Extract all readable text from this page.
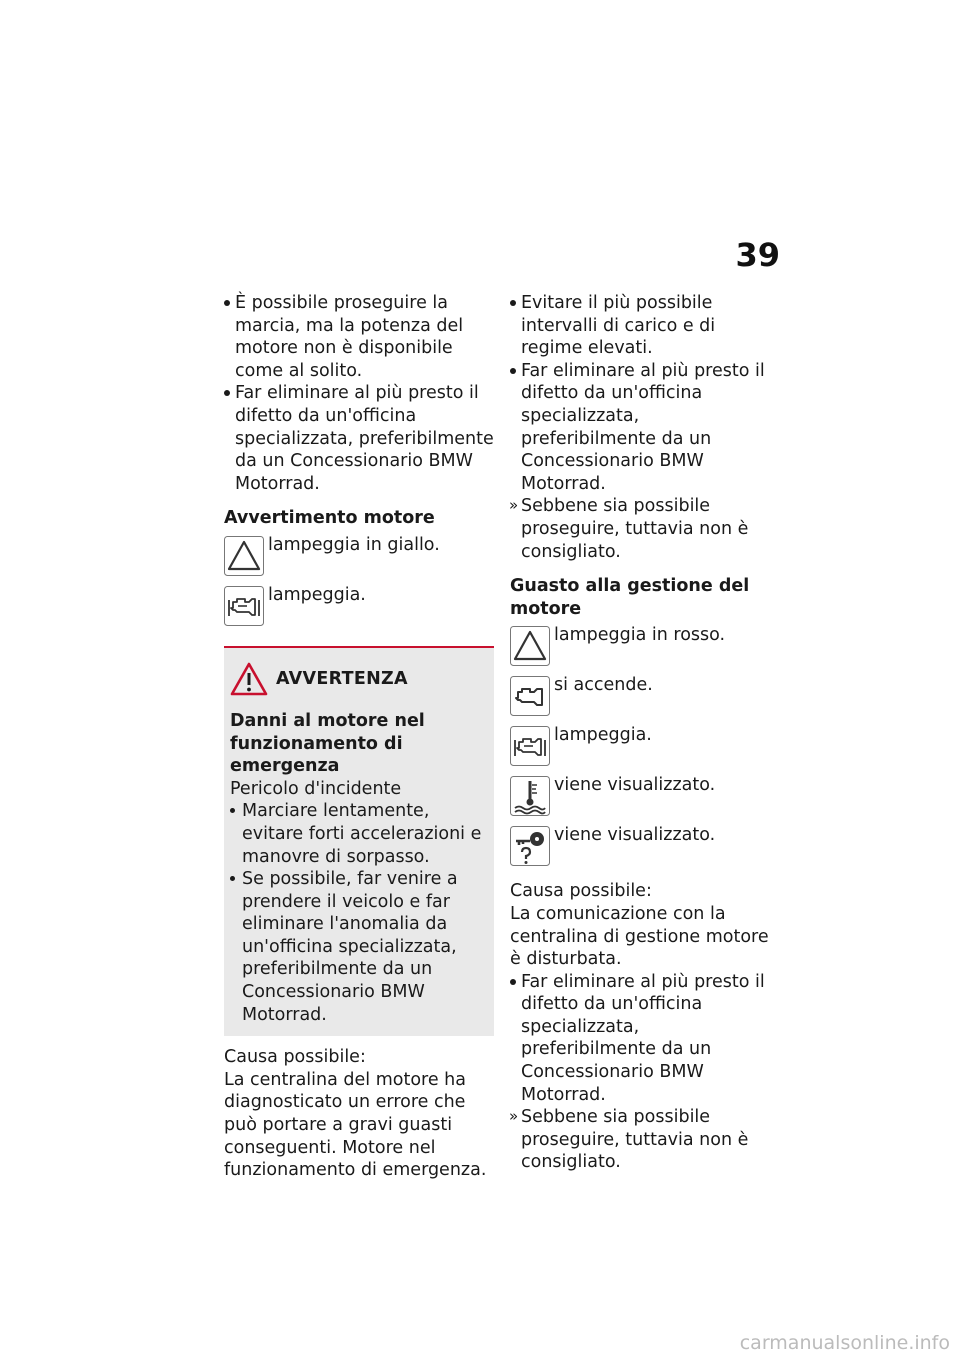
39

È possibile proseguire la marcia, ma la potenza del motore non è disponibile come al solito.

Far eliminare al più presto il difetto da un'officina specializzata, preferibilmente da un Concessionario BMW Motorrad.

Avvertimento motore

lampeggia in giallo.
lampeggia.
AVVERTENZA

Danni al motore nel funzionamento di emergenza

Pericolo d'incidente

Marciare lentamente, evitare forti accelerazioni e manovre di sorpasso.

Se possibile, far venire a prendere il veicolo e far eliminare l'anomalia da un'officina specializzata, preferibilmente da un Concessionario BMW Motorrad.

Causa possibile:

La centralina del motore ha diagnosticato un errore che può portare a gravi guasti conseguenti. Motore nel funzionamento di emergenza.

Evitare il più possibile intervalli di carico e di regime elevati.

Far eliminare al più presto il difetto da un'officina specializzata, preferibilmente da un Concessionario BMW Motorrad.

» Sebbene sia possibile proseguire, tuttavia non è consigliato.

Guasto alla gestione del motore

lampeggia in rosso.
si accende.
lampeggia.
viene visualizzato.
viene visualizzato.

Causa possibile:

La comunicazione con la centralina di gestione motore è disturbata.

Far eliminare al più presto il difetto da un'officina specializzata, preferibilmente da un Concessionario BMW Motorrad.

» Sebbene sia possibile proseguire, tuttavia non è consigliato.

carmanualsonline.info
